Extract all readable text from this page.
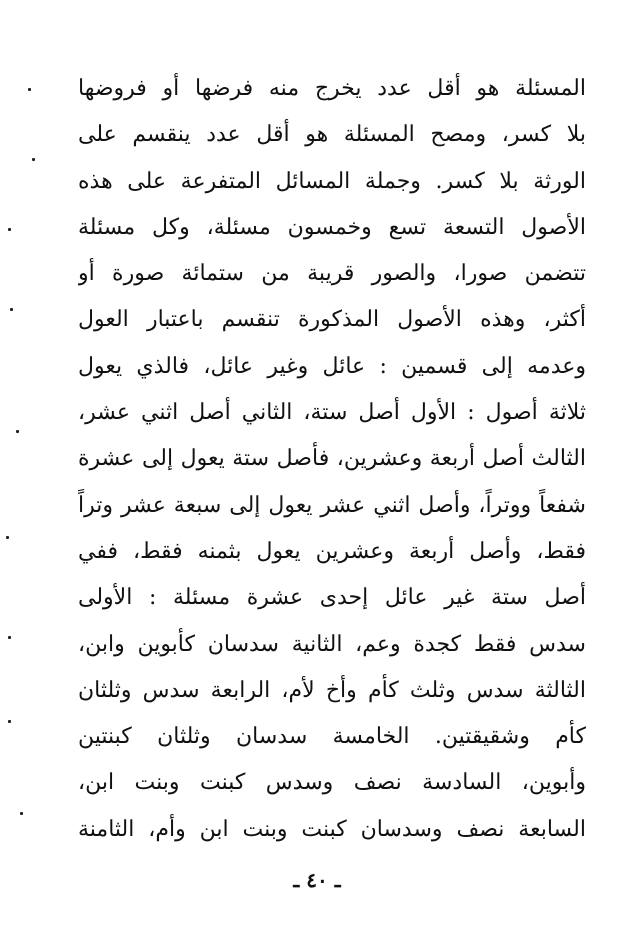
المسئلة هو أقل عدد يخرج منه فرضها أو فروضها
بلا كسر، ومصح المسئلة هو أقل عدد ينقسم على
الورثة بلا كسر. وجملة المسائل المتفرعة على هذه
الأصول التسعة تسع وخمسون مسئلة، وكل مسئلة
تتضمن صورا، والصور قريبة من ستمائة صورة أو
أكثر، وهذه الأصول المذكورة تنقسم باعتبار العول
وعدمه إلى قسمين : عائل وغير عائل، فالذي يعول
ثلاثة أصول : الأول أصل ستة، الثاني أصل اثني عشر،
الثالث أصل أربعة وعشرين، فأصل ستة يعول إلى عشرة
شفعاً ووتراً، وأصل اثني عشر يعول إلى سبعة عشر وتراً
فقط، وأصل أربعة وعشرين يعول بثمنه فقط، ففي
أصل ستة غير عائل إحدى عشرة مسئلة : الأولى
سدس فقط كجدة وعم، الثانية سدسان كأبوين وابن،
الثالثة سدس وثلث كأم وأخ لأم، الرابعة سدس وثلثان
كأم وشقيقتين. الخامسة سدسان وثلثان كبنتين
وأبوين، السادسة نصف وسدس كبنت وبنت ابن،
السابعة نصف وسدسان كبنت وبنت ابن وأم، الثامنة
ـ ٤٠ ـ
